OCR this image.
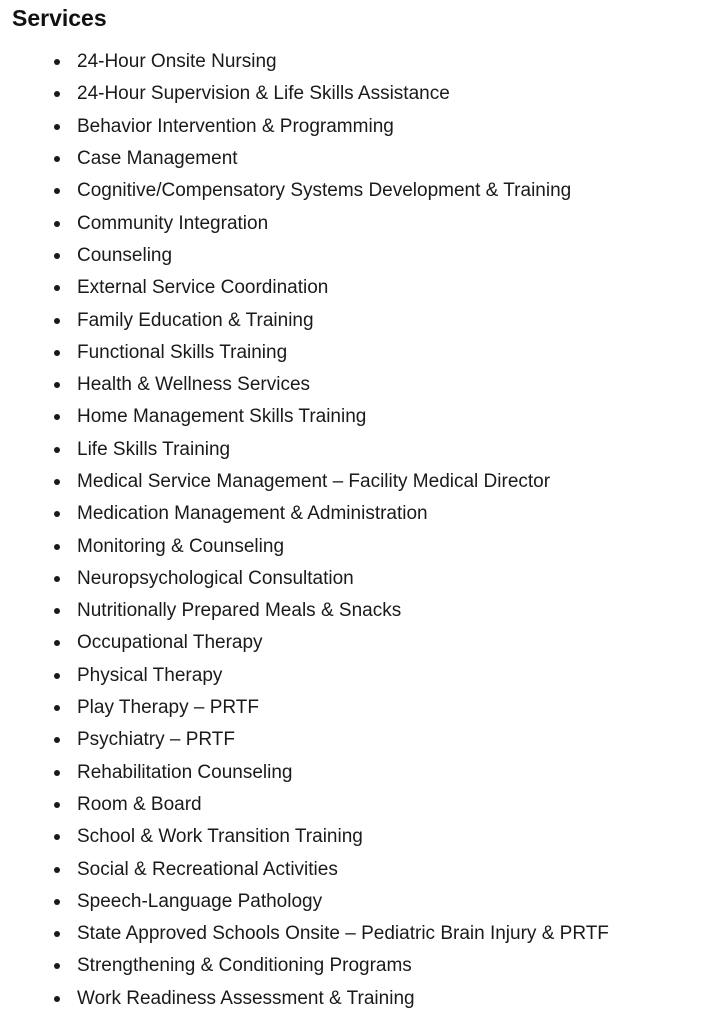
Services
24-Hour Onsite Nursing
24-Hour Supervision & Life Skills Assistance
Behavior Intervention & Programming
Case Management
Cognitive/Compensatory Systems Development & Training
Community Integration
Counseling
External Service Coordination
Family Education & Training
Functional Skills Training
Health & Wellness Services
Home Management Skills Training
Life Skills Training
Medical Service Management – Facility Medical Director
Medication Management & Administration
Monitoring & Counseling
Neuropsychological Consultation
Nutritionally Prepared Meals & Snacks
Occupational Therapy
Physical Therapy
Play Therapy – PRTF
Psychiatry – PRTF
Rehabilitation Counseling
Room & Board
School & Work Transition Training
Social & Recreational Activities
Speech-Language Pathology
State Approved Schools Onsite – Pediatric Brain Injury & PRTF
Strengthening & Conditioning Programs
Work Readiness Assessment & Training
